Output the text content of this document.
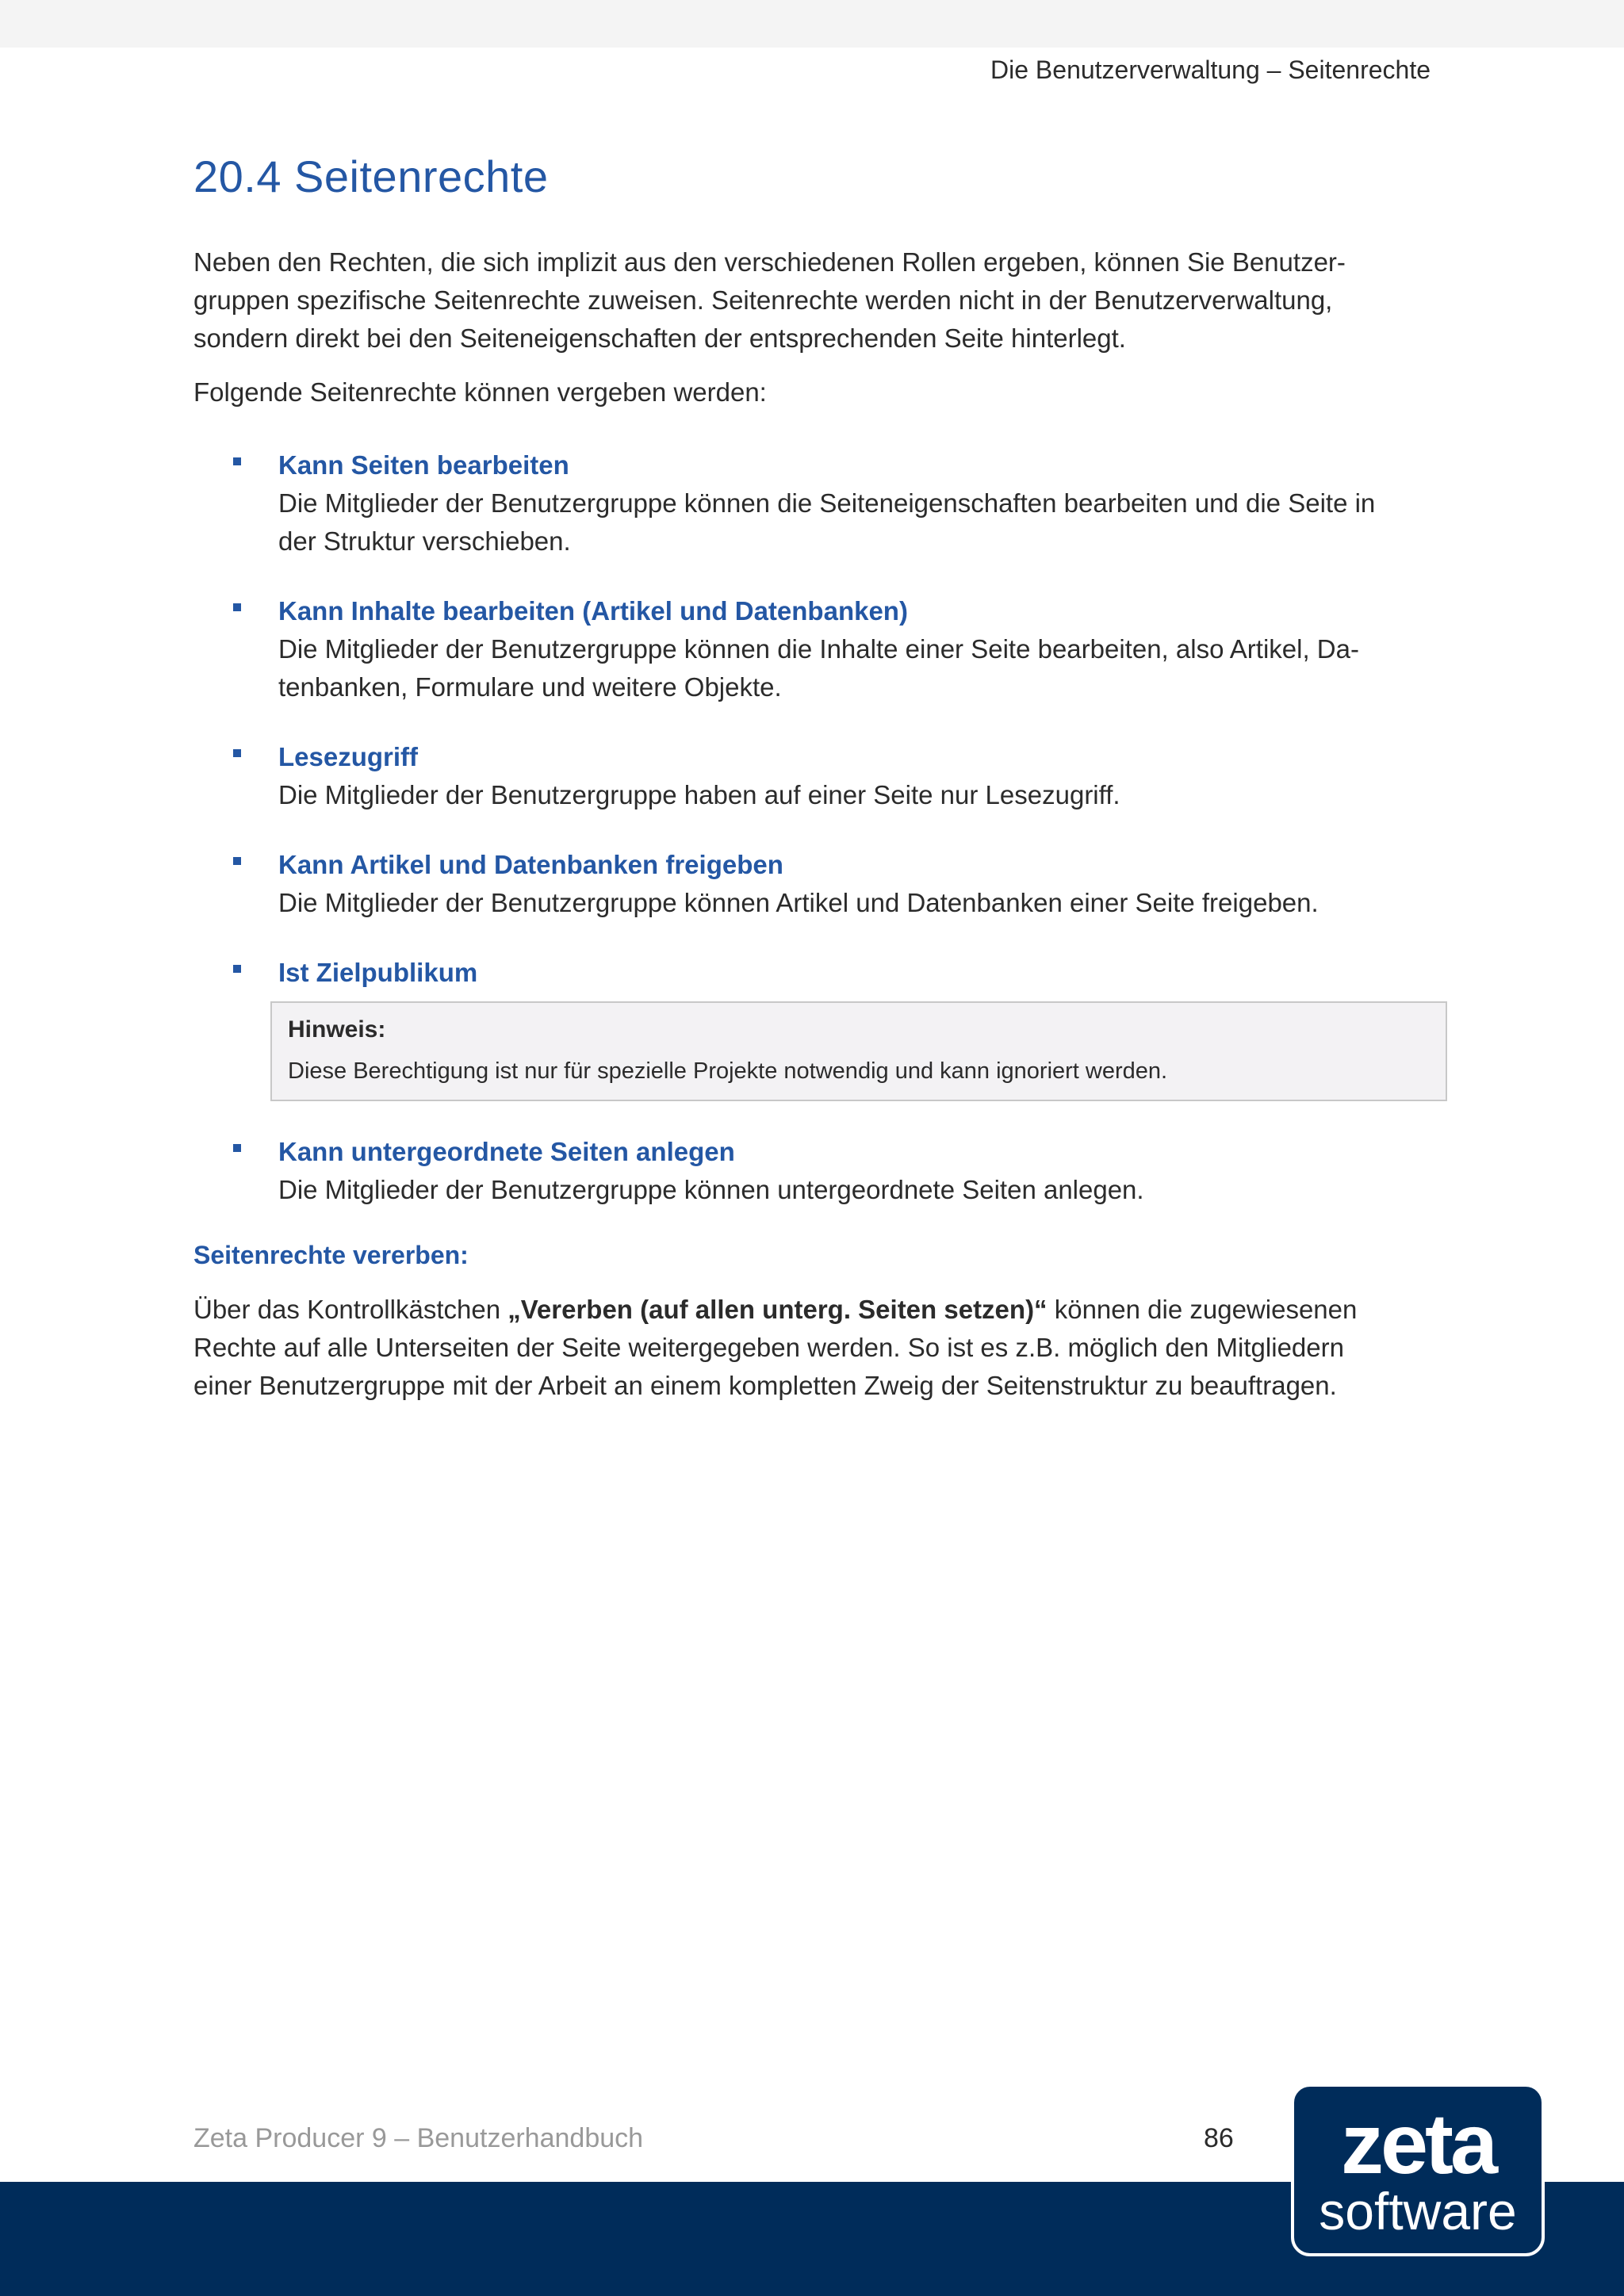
Die Benutzerverwaltung – Seitenrechte
20.4 Seitenrechte

Neben den Rechten, die sich implizit aus den verschiedenen Rollen ergeben, können Sie Benutzer-
gruppen spezifische Seitenrechte zuweisen. Seitenrechte werden nicht in der Benutzerverwaltung,
sondern direkt bei den Seiteneigenschaften der entsprechenden Seite hinterlegt.

Folgende Seitenrechte können vergeben werden:

Kann Seiten bearbeiten
Die Mitglieder der Benutzergruppe können die Seiteneigenschaften bearbeiten und die Seite in
der Struktur verschieben.
Kann Inhalte bearbeiten (Artikel und Datenbanken)
Die Mitglieder der Benutzergruppe können die Inhalte einer Seite bearbeiten, also Artikel, Da-
tenbanken, Formulare und weitere Objekte.
Lesezugriff
Die Mitglieder der Benutzergruppe haben auf einer Seite nur Lesezugriff.
Kann Artikel und Datenbanken freigeben
Die Mitglieder der Benutzergruppe können Artikel und Datenbanken einer Seite freigeben.
Ist Zielpublikum
Hinweis:
Diese Berechtigung ist nur für spezielle Projekte notwendig und kann ignoriert werden.
Kann untergeordnete Seiten anlegen
Die Mitglieder der Benutzergruppe können untergeordnete Seiten anlegen.
Seitenrechte vererben:

Über das Kontrollkästchen „Vererben (auf allen unterg. Seiten setzen)“ können die zugewiesenen
Rechte auf alle Unterseiten der Seite weitergegeben werden. So ist es z.B. möglich den Mitgliedern
einer Benutzergruppe mit der Arbeit an einem kompletten Zweig der Seitenstruktur zu beauftragen.

Zeta Producer 9 – Benutzerhandbuch	86	zeta
software
